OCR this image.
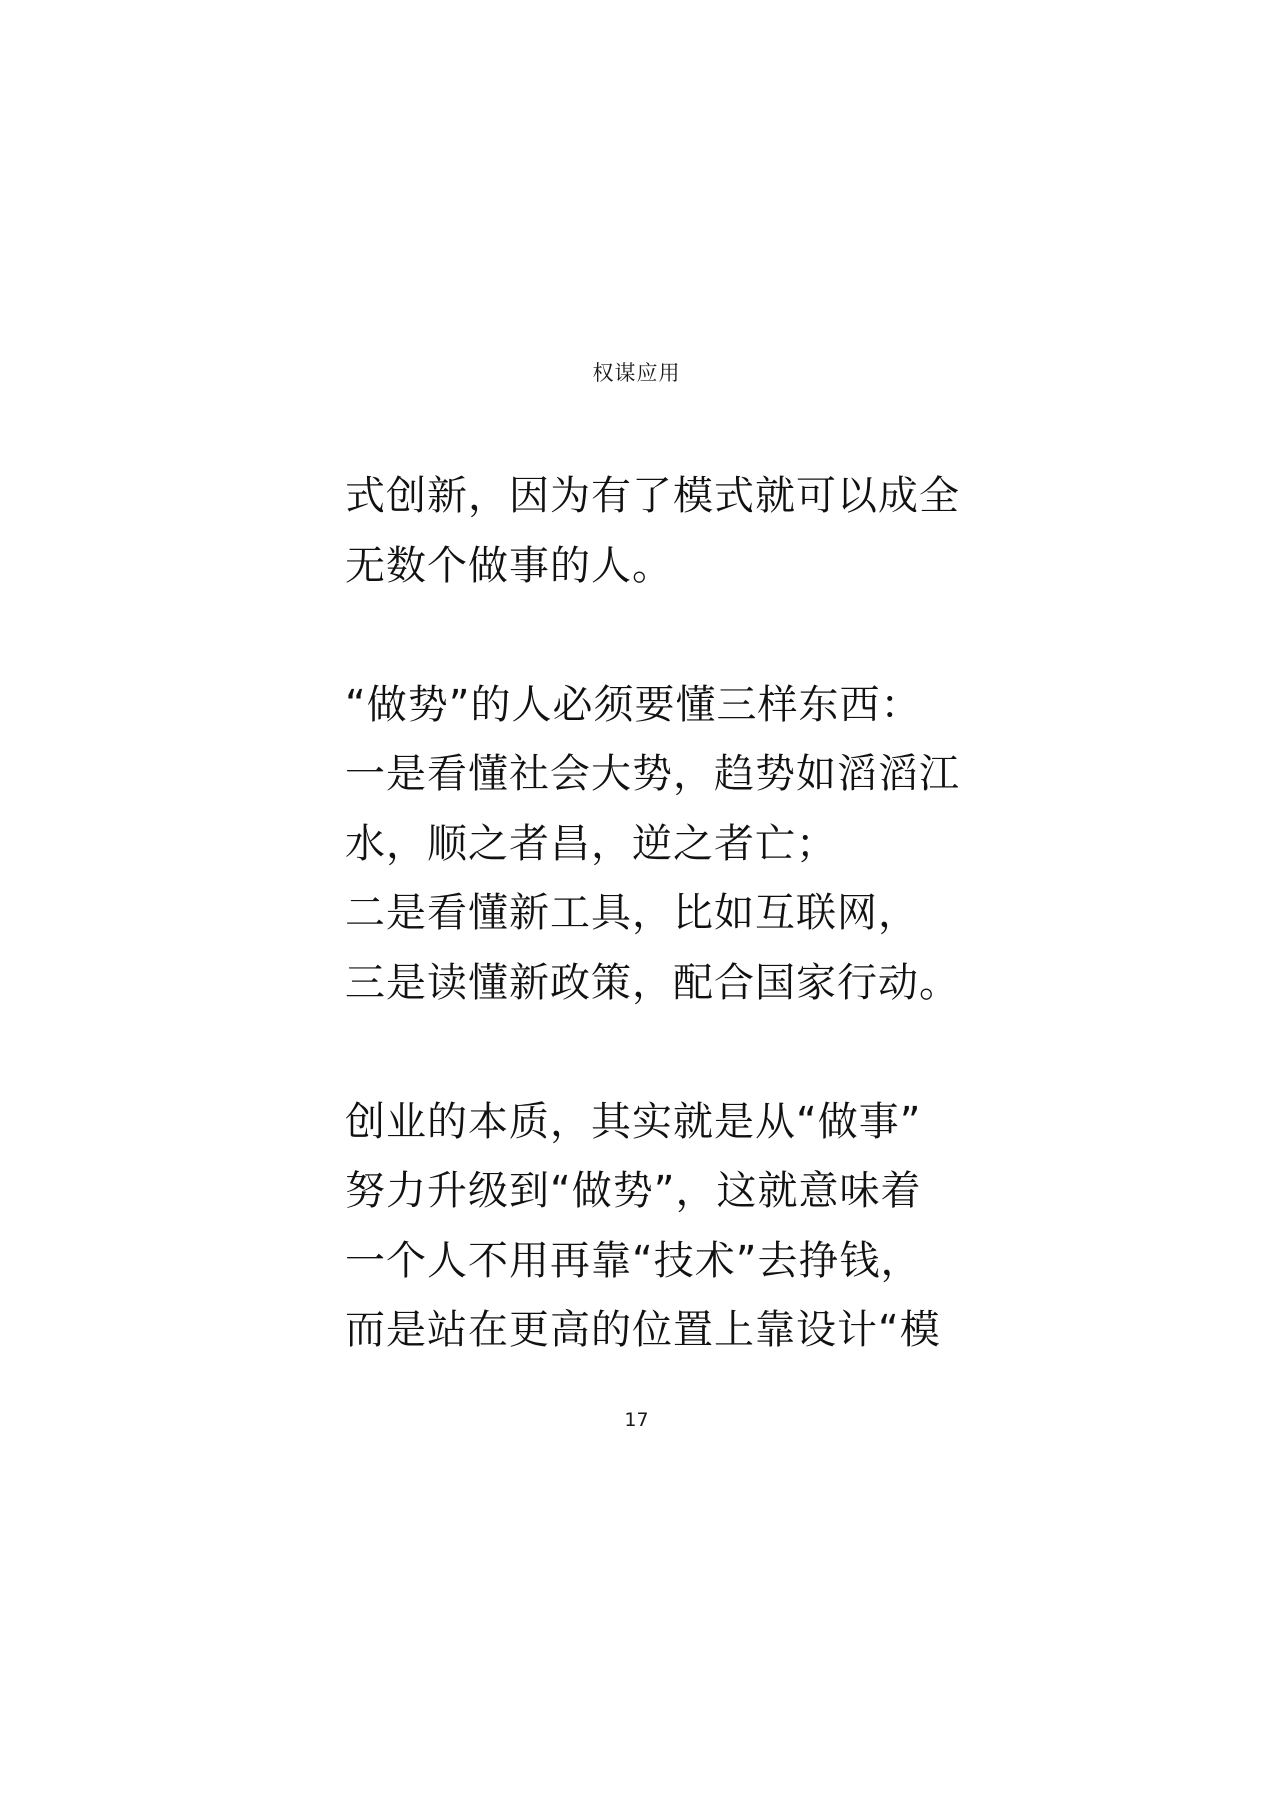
权谋应用
式创新，因为有了模式就可以成全
无数个做事的人。
“做势”的人必须要懂三样东西：
一是看懂社会大势，趋势如滔滔江
水，顺之者昌，逆之者亡；
二是看懂新工具，比如互联网，
三是读懂新政策，配合国家行动。
创业的本质，其实就是从“做事”
努力升级到“做势”，这就意味着
一个人不用再靠“技术”去挣钱，
而是站在更高的位置上靠设计“模
17
